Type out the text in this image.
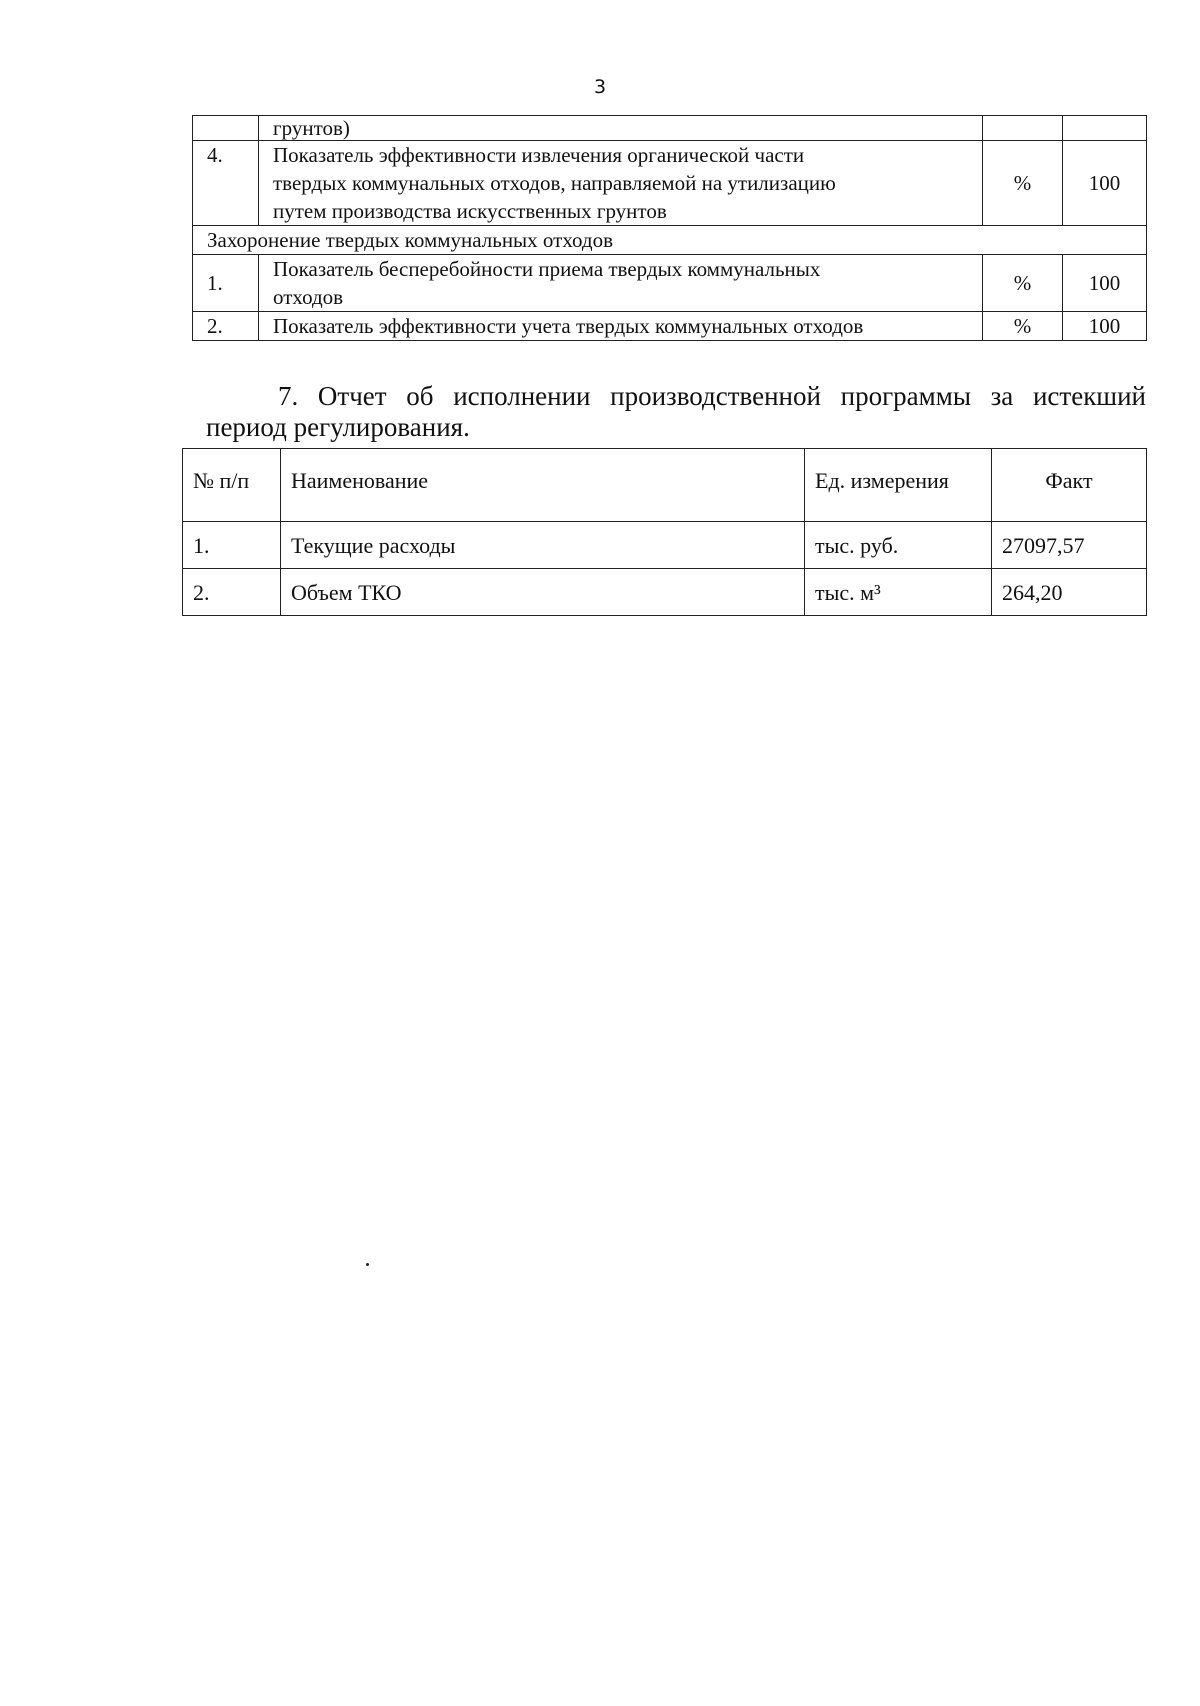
3
	грунтов)		
4.	Показатель эффективности извлечения органической части
твердых коммунальных отходов, направляемой на утилизацию
путем производства искусственных грунтов	%	100
Захоронение твердых коммунальных отходов			
1.	Показатель бесперебойности приема твердых коммунальных
отходов	%	100
2.	Показатель эффективности учета твердых коммунальных отходов	%	100
7. Отчет об исполнении производственной программы за истекший
период регулирования.
№ п/п	Наименование	Ед. измерения	Факт
1.	Текущие расходы	тыс. руб.	27097,57
2.	Объем ТКО	тыс. м³	264,20
